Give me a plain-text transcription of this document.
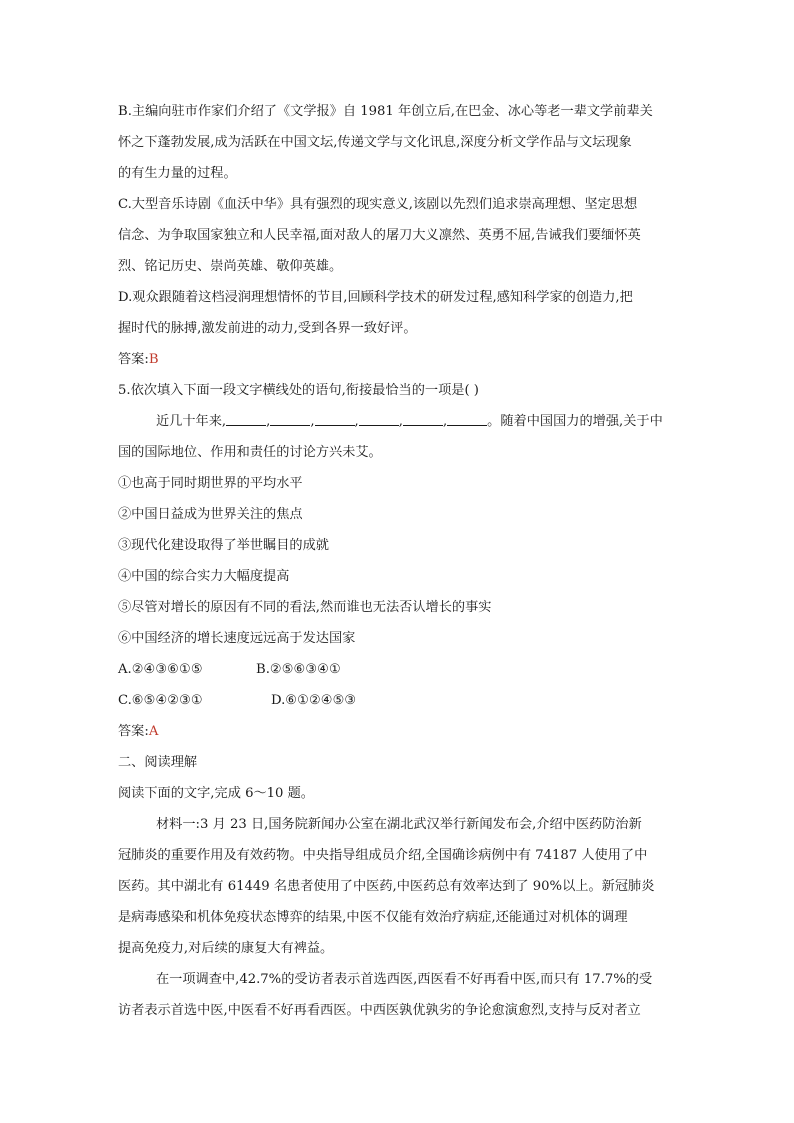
B.主编向驻市作家们介绍了《文学报》自 1981 年创立后,在巴金、冰心等老一辈文学前辈关

怀之下蓬勃发展,成为活跃在中国文坛,传递文学与文化讯息,深度分析文学作品与文坛现象

的有生力量的过程。

C.大型音乐诗剧《血沃中华》具有强烈的现实意义,该剧以先烈们追求崇高理想、坚定思想

信念、为争取国家独立和人民幸福,面对敌人的屠刀大义凛然、英勇不屈,告诫我们要缅怀英

烈、铭记历史、崇尚英雄、敬仰英雄。

D.观众跟随着这档浸润理想情怀的节目,回顾科学技术的研发过程,感知科学家的创造力,把

握时代的脉搏,激发前进的动力,受到各界一致好评。

答案:B

5.依次填入下面一段文字横线处的语句,衔接最恰当的一项是( )

近几十年来,	,	,	,	,	,	。随着中国国力的增强,关于中

国的国际地位、作用和责任的讨论方兴未艾。

①也高于同时期世界的平均水平

②中国日益成为世界关注的焦点

③现代化建设取得了举世瞩目的成就

④中国的综合实力大幅度提高

⑤尽管对增长的原因有不同的看法,然而谁也无法否认增长的事实

⑥中国经济的增长速度远远高于发达国家

A.②④③⑥①⑤	B.②⑤⑥③④①

C.⑥⑤④②③①	D.⑥①②④⑤③

答案:A

二、阅读理解

阅读下面的文字,完成 6～10 题。

材料一:3 月 23 日,国务院新闻办公室在湖北武汉举行新闻发布会,介绍中医药防治新

冠肺炎的重要作用及有效药物。中央指导组成员介绍,全国确诊病例中有 74187 人使用了中

医药。其中湖北有 61449 名患者使用了中医药,中医药总有效率达到了 90%以上。新冠肺炎

是病毒感染和机体免疫状态博弈的结果,中医不仅能有效治疗病症,还能通过对机体的调理

提高免疫力,对后续的康复大有裨益。

在一项调查中,42.7%的受访者表示首选西医,西医看不好再看中医,而只有 17.7%的受

访者表示首选中医,中医看不好再看西医。中西医孰优孰劣的争论愈演愈烈,支持与反对者立
